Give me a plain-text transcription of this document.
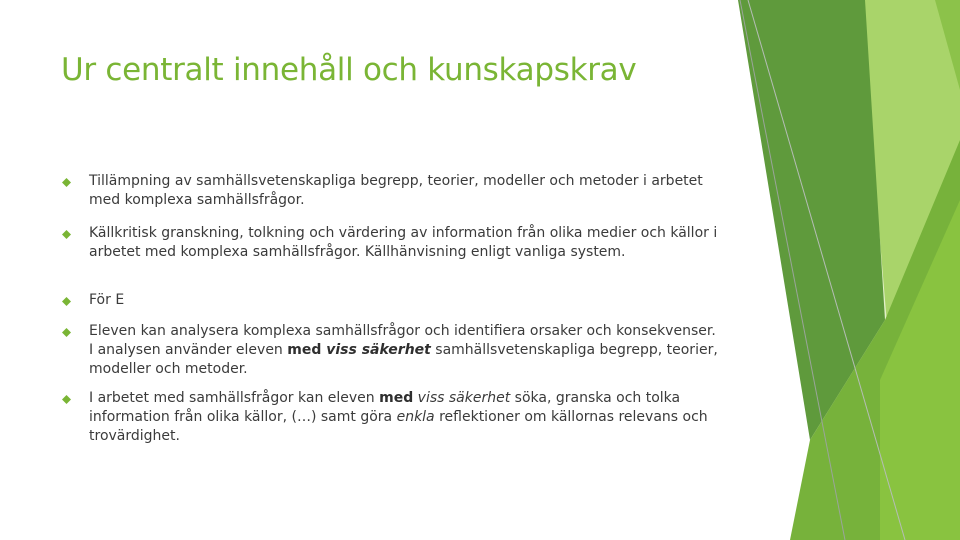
Ur centralt innehåll och kunskapskrav
Tillämpning av samhällsvetenskapliga begrepp, teorier, modeller och metoder i arbetet med komplexa samhällsfrågor.
Källkritisk granskning, tolkning och värdering av information från olika medier och källor i arbetet med komplexa samhällsfrågor. Källhänvisning enligt vanliga system.
För E
Eleven kan analysera komplexa samhällsfrågor och identifiera orsaker och konsekvenser. I analysen använder eleven med viss säkerhet samhällsvetenskapliga begrepp, teorier, modeller och metoder.
I arbetet med samhällsfrågor kan eleven med viss säkerhet söka, granska och tolka information från olika källor, (…) samt göra enkla reflektioner om källornas relevans och trovärdighet.
